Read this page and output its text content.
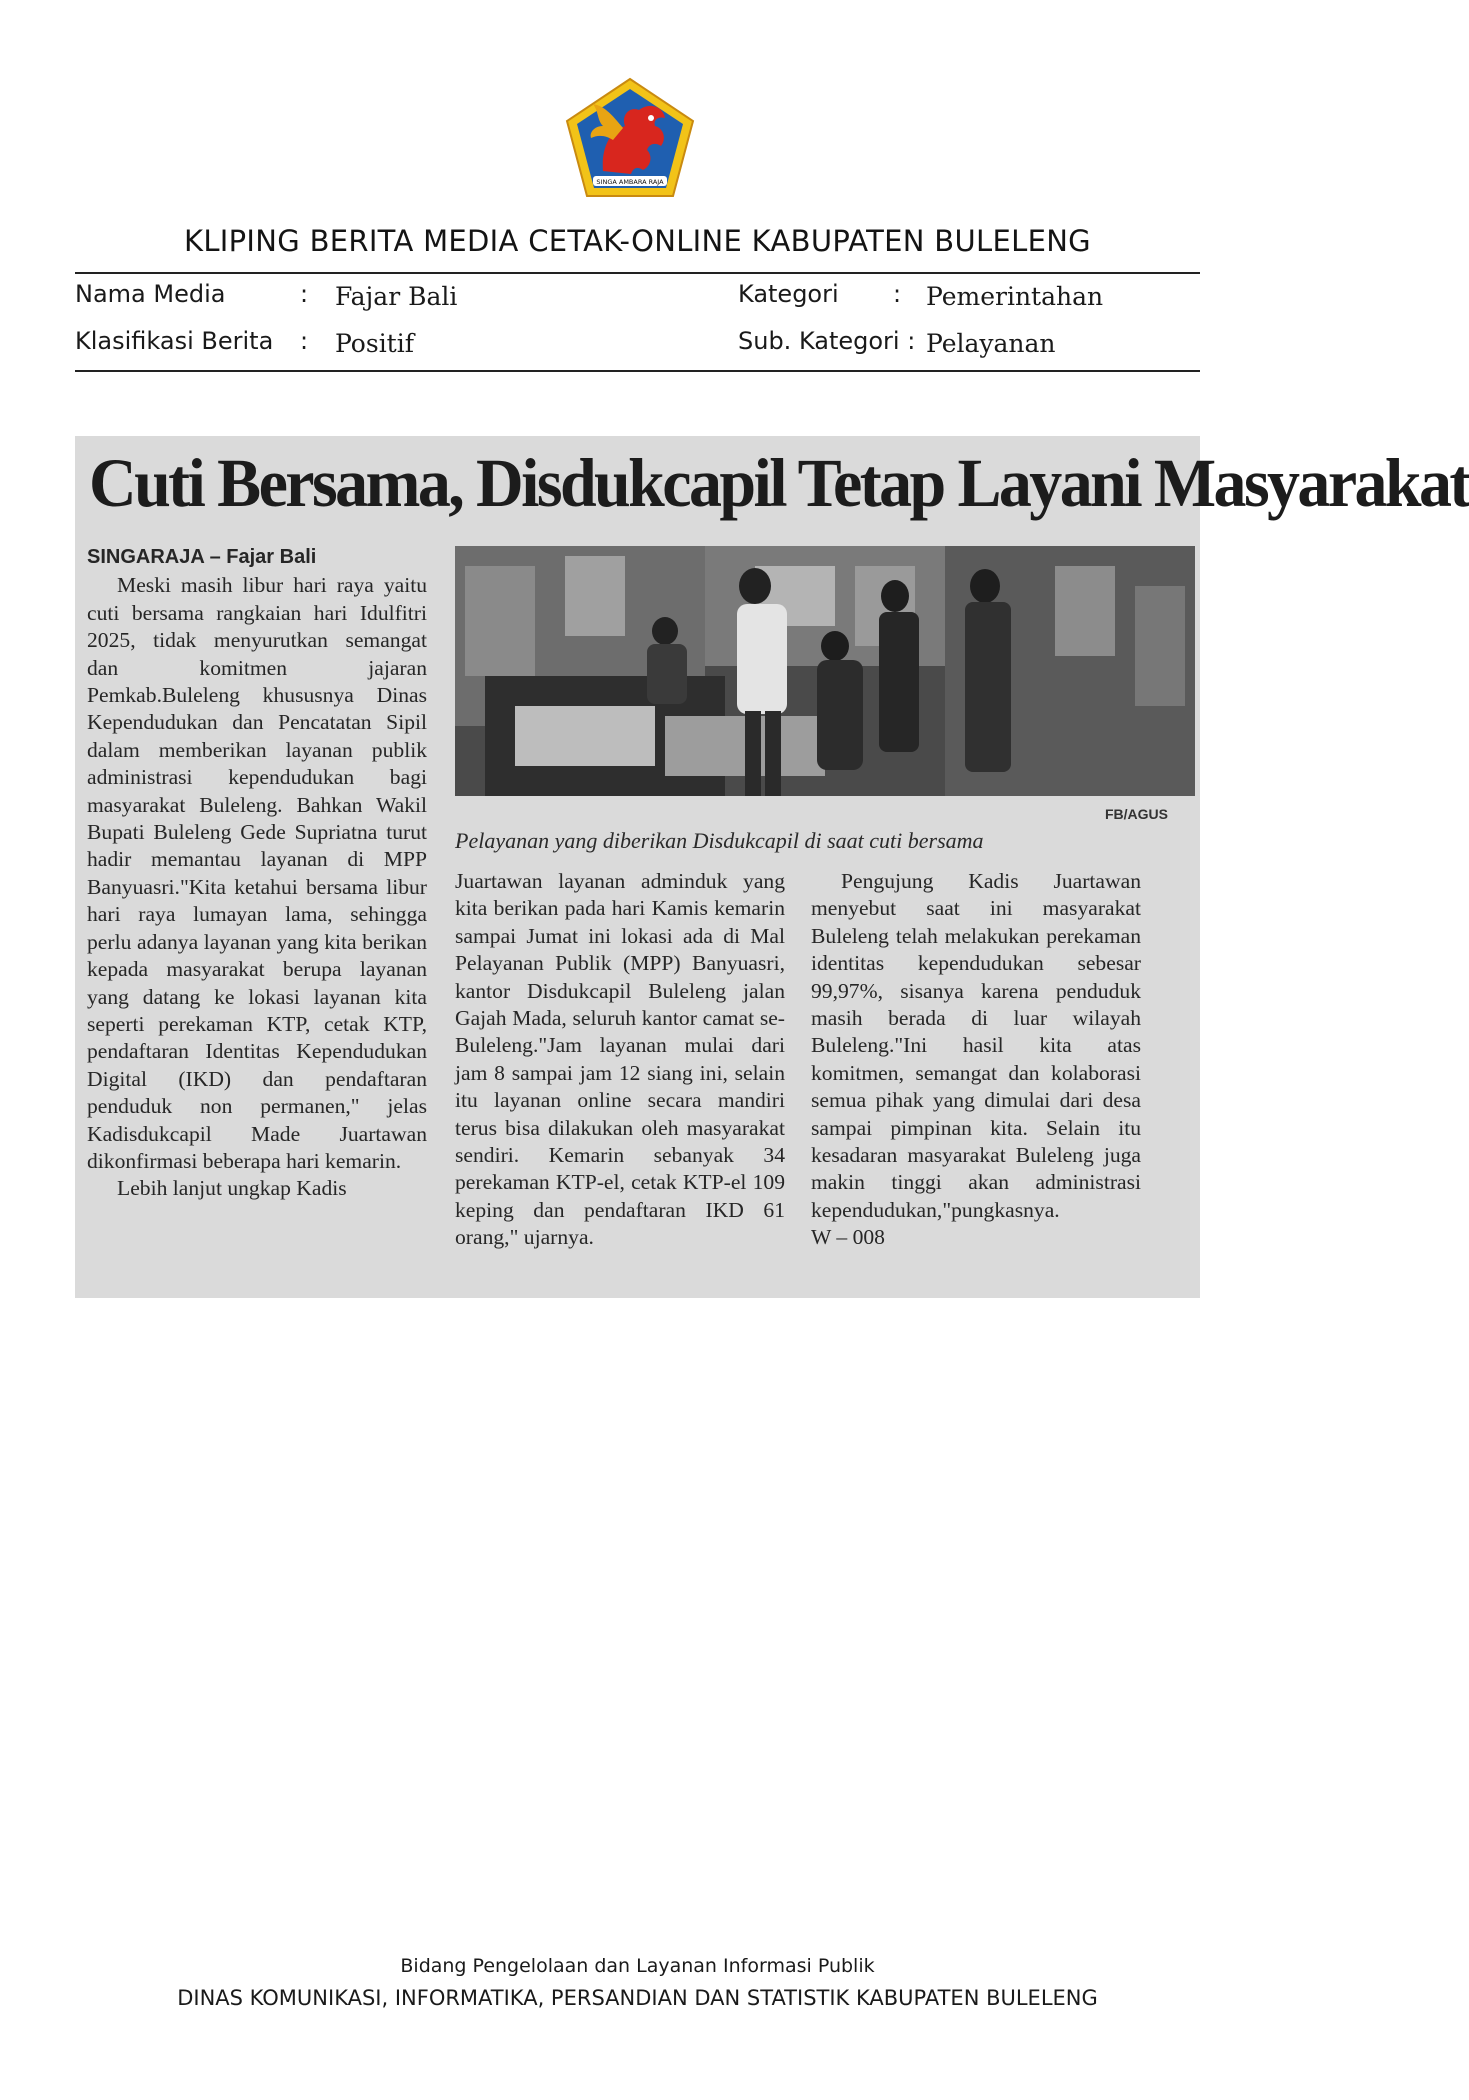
SINGA AMBARA RAJA
KLIPING BERITA MEDIA CETAK-ONLINE KABUPATEN BULELENG
Nama Media	: Fajar Bali
Klasifikasi Berita : Positif
Kategori : Pemerintahan
Sub. Kategori : Pelayanan
Cuti Bersama, Disdukcapil Tetap Layani Masyarakat
SINGARAJA – Fajar Bali

Meski masih libur hari raya yaitu cuti bersama rangkaian hari Idulfitri 2025, tidak menyurutkan semangat dan komitmen jajaran Pemkab.Buleleng khususnya Dinas Kependudukan dan Pencatatan Sipil dalam memberikan layanan publik administrasi kependudukan bagi masyarakat Buleleng. Bahkan Wakil Bupati Buleleng Gede Supriatna turut hadir memantau layanan di MPP Banyuasri."Kita ketahui bersama libur hari raya lumayan lama, sehingga perlu adanya layanan yang kita berikan kepada masyarakat berupa layanan yang datang ke lokasi layanan kita seperti perekaman KTP, cetak KTP, pendaftaran Identitas Kependudukan Digital (IKD) dan pendaftaran penduduk non permanen," jelas Kadisdukcapil Made Juartawan dikonfirmasi beberapa hari kemarin.

Lebih lanjut ungkap Kadis

FB/AGUS
Pelayanan yang diberikan Disdukcapil di saat cuti bersama

Juartawan layanan adminduk yang kita berikan pada hari Kamis kemarin sampai Jumat ini lokasi ada di Mal Pelayanan Publik (MPP) Banyuasri, kantor Disdukcapil Buleleng jalan Gajah Mada, seluruh kantor camat se-Buleleng."Jam layanan mulai dari jam 8 sampai jam 12 siang ini, selain itu layanan online secara mandiri terus bisa dilakukan oleh masyarakat sendiri. Kemarin sebanyak 34 perekaman KTP-el, cetak KTP-el 109 keping dan pendaftaran IKD 61 orang," ujarnya.

Pengujung Kadis Juartawan menyebut saat ini masyarakat Buleleng telah melakukan perekaman identitas kependudukan sebesar 99,97%, sisanya karena penduduk masih berada di luar wilayah Buleleng."Ini hasil kita atas komitmen, semangat dan kolaborasi semua pihak yang dimulai dari desa sampai pimpinan kita. Selain itu kesadaran masyarakat Buleleng juga makin tinggi akan administrasi kependudukan,"pungkasnya.

W – 008

Bidang Pengelolaan dan Layanan Informasi Publik
DINAS KOMUNIKASI, INFORMATIKA, PERSANDIAN DAN STATISTIK KABUPATEN BULELENG
